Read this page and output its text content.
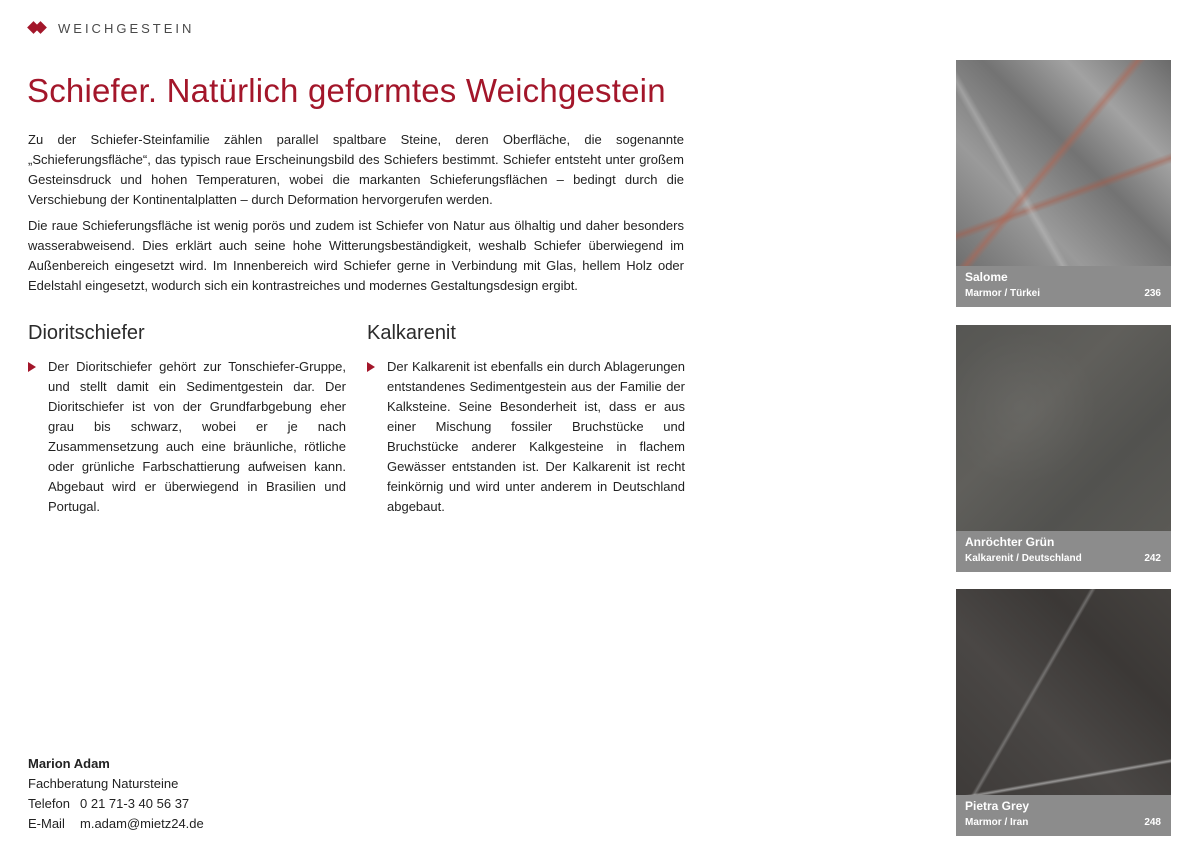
WEICHGESTEIN
Schiefer. Natürlich geformtes Weichgestein

Zu der Schiefer-Steinfamilie zählen parallel spaltbare Steine, deren Oberfläche, die sogenannte „Schieferungsfläche“, das typisch raue Erscheinungsbild des Schiefers bestimmt. Schiefer entsteht unter großem Gesteinsdruck und hohen Temperaturen, wobei die markanten Schieferungsflächen – bedingt durch die Verschiebung der Kontinentalplatten – durch Deformation hervorgerufen werden.

Die raue Schieferungsfläche ist wenig porös und zudem ist Schiefer von Natur aus ölhaltig und daher besonders wasserabweisend. Dies erklärt auch seine hohe Witterungsbeständigkeit, weshalb Schiefer überwiegend im Außenbereich eingesetzt wird. Im Innenbereich wird Schiefer gerne in Verbindung mit Glas, hellem Holz oder Edelstahl eingesetzt, wodurch sich ein kontrastreiches und modernes Gestaltungsdesign ergibt.

Dioritschiefer

Der Dioritschiefer gehört zur Tonschiefer-Gruppe, und stellt damit ein Sedimentgestein dar. Der Dioritschiefer ist von der Grundfarbgebung eher grau bis schwarz, wobei er je nach Zusammensetzung auch eine bräunliche, rötliche oder grünliche Farbschattierung aufweisen kann. Abgebaut wird er überwiegend in Brasilien und Portugal.

Kalkarenit

Der Kalkarenit ist ebenfalls ein durch Ablagerungen entstandenes Sedimentgestein aus der Familie der Kalksteine. Seine Besonderheit ist, dass er aus einer Mischung fossiler Bruchstücke und Bruchstücke anderer Kalkgesteine in flachem Gewässer entstanden ist. Der Kalkarenit ist recht feinkörnig und wird unter anderem in Deutschland abgebaut.

Marion Adam
Fachberatung Natursteine
Telefon 0 21 71-3 40 56 37
E-Mail m.adam@mietz24.de
Salome
Marmor / Türkei	236
Anröchter Grün
Kalkarenit / Deutschland	242
Pietra Grey
Marmor / Iran	248
